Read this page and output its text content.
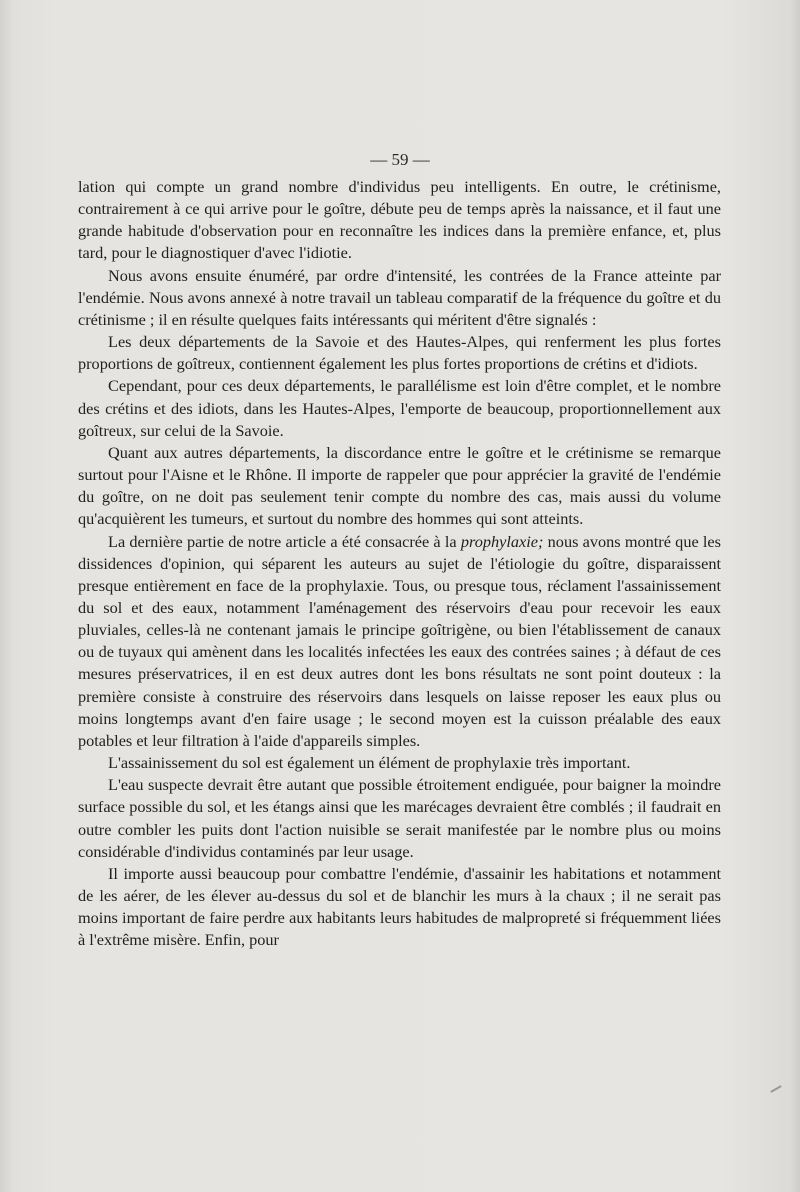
— 59 —

lation qui compte un grand nombre d'individus peu intelligents. En outre, le crétinisme, contrairement à ce qui arrive pour le goître, débute peu de temps après la naissance, et il faut une grande habitude d'observation pour en reconnaître les indices dans la première enfance, et, plus tard, pour le diagnostiquer d'avec l'idiotie.

Nous avons ensuite énuméré, par ordre d'intensité, les contrées de la France atteinte par l'endémie. Nous avons annexé à notre travail un tableau comparatif de la fréquence du goître et du crétinisme ; il en résulte quelques faits intéressants qui méritent d'être signalés :

Les deux départements de la Savoie et des Hautes-Alpes, qui renferment les plus fortes proportions de goîtreux, contiennent également les plus fortes proportions de crétins et d'idiots.

Cependant, pour ces deux départements, le parallélisme est loin d'être complet, et le nombre des crétins et des idiots, dans les Hautes-Alpes, l'emporte de beaucoup, proportionnellement aux goîtreux, sur celui de la Savoie.

Quant aux autres départements, la discordance entre le goître et le crétinisme se remarque surtout pour l'Aisne et le Rhône. Il importe de rappeler que pour apprécier la gravité de l'endémie du goître, on ne doit pas seulement tenir compte du nombre des cas, mais aussi du volume qu'acquièrent les tumeurs, et surtout du nombre des hommes qui sont atteints.

La dernière partie de notre article a été consacrée à la prophylaxie; nous avons montré que les dissidences d'opinion, qui séparent les auteurs au sujet de l'étiologie du goître, disparaissent presque entièrement en face de la prophylaxie. Tous, ou presque tous, réclament l'assainissement du sol et des eaux, notamment l'aménagement des réservoirs d'eau pour recevoir les eaux pluviales, celles-là ne contenant jamais le principe goîtrigène, ou bien l'établissement de canaux ou de tuyaux qui amènent dans les localités infectées les eaux des contrées saines ; à défaut de ces mesures préservatrices, il en est deux autres dont les bons résultats ne sont point douteux : la première consiste à construire des réservoirs dans lesquels on laisse reposer les eaux plus ou moins longtemps avant d'en faire usage ; le second moyen est la cuisson préalable des eaux potables et leur filtration à l'aide d'appareils simples.

L'assainissement du sol est également un élément de prophylaxie très important.

L'eau suspecte devrait être autant que possible étroitement endiguée, pour baigner la moindre surface possible du sol, et les étangs ainsi que les marécages devraient être comblés ; il faudrait en outre combler les puits dont l'action nuisible se serait manifestée par le nombre plus ou moins considérable d'individus contaminés par leur usage.

Il importe aussi beaucoup pour combattre l'endémie, d'assainir les habitations et notamment de les aérer, de les élever au-dessus du sol et de blanchir les murs à la chaux ; il ne serait pas moins important de faire perdre aux habitants leurs habitudes de malpropreté si fréquemment liées à l'extrême misère. Enfin, pour
